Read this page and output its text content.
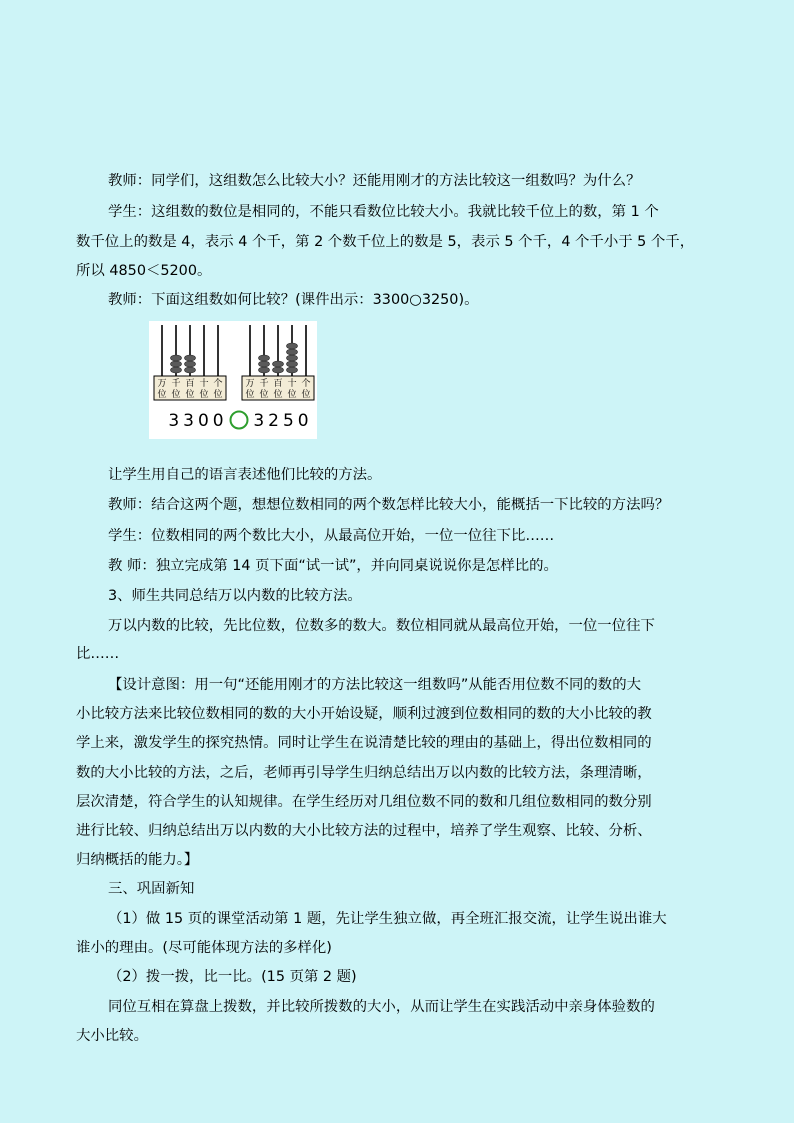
教师：同学们，这组数怎么比较大小？还能用刚才的方法比较这一组数吗？为什么？
学生：这组数的数位是相同的，不能只看数位比较大小。我就比较千位上的数，第 1 个
数千位上的数是 4，表示 4 个千，第 2 个数千位上的数是 5，表示 5 个千，4 个千小于 5 个千，
所以 4850＜5200。
教师：下面这组数如何比较？(课件出示：3300○3250)。
万
位
千
位
百
位
十
位
个
位
万
位
千
位
百
位
十
位
个
位
3300 3250
让学生用自己的语言表述他们比较的方法。
教师：结合这两个题，想想位数相同的两个数怎样比较大小，能概括一下比较的方法吗？
学生：位数相同的两个数比大小，从最高位开始，一位一位往下比……
教 师：独立完成第 14 页下面“试一试”，并向同桌说说你是怎样比的。
3、师生共同总结万以内数的比较方法。
万以内数的比较，先比位数，位数多的数大。数位相同就从最高位开始，一位一位往下
比……
【设计意图：用一句“还能用刚才的方法比较这一组数吗”从能否用位数不同的数的大
小比较方法来比较位数相同的数的大小开始设疑，顺利过渡到位数相同的数的大小比较的教
学上来，激发学生的探究热情。同时让学生在说清楚比较的理由的基础上，得出位数相同的
数的大小比较的方法，之后，老师再引导学生归纳总结出万以内数的比较方法，条理清晰，
层次清楚，符合学生的认知规律。在学生经历对几组位数不同的数和几组位数相同的数分别
进行比较、归纳总结出万以内数的大小比较方法的过程中，培养了学生观察、比较、分析、
归纳概括的能力。】
三、巩固新知
（1）做 15 页的课堂活动第 1 题，先让学生独立做，再全班汇报交流，让学生说出谁大
谁小的理由。(尽可能体现方法的多样化)
（2）拨一拨，比一比。(15 页第 2 题)
同位互相在算盘上拨数，并比较所拨数的大小，从而让学生在实践活动中亲身体验数的
大小比较。
